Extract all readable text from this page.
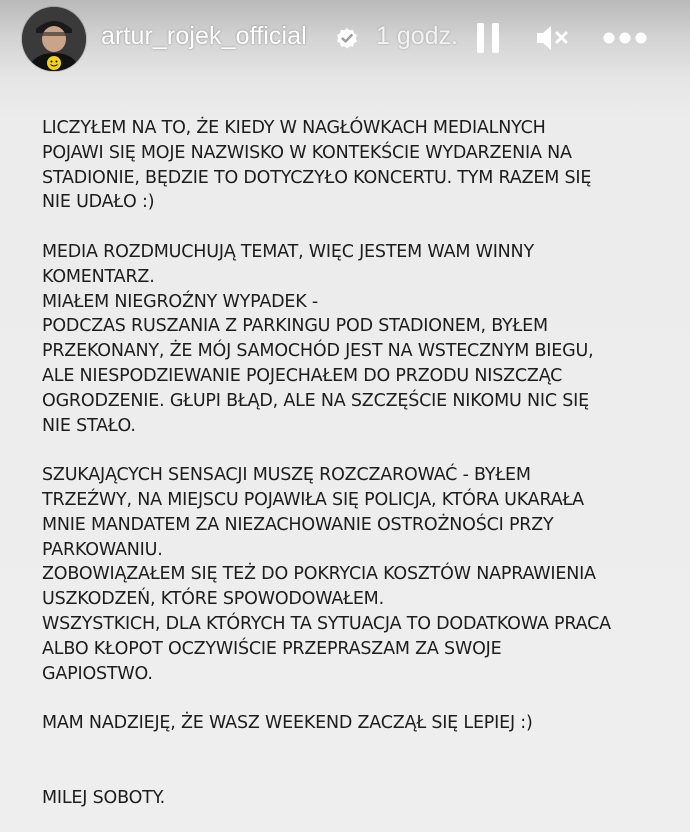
artur_rojek_official	1 godz.

LICZYŁEM NA TO, ŻE KIEDY W NAGŁÓWKACH MEDIALNYCH
POJAWI SIĘ MOJE NAZWISKO W KONTEKŚCIE WYDARZENIA NA
STADIONIE, BĘDZIE TO DOTYCZYŁO KONCERTU. TYM RAZEM SIĘ
NIE UDAŁO :)

MEDIA ROZDMUCHUJĄ TEMAT, WIĘC JESTEM WAM WINNY
KOMENTARZ.
MIAŁEM NIEGROŹNY WYPADEK -
PODCZAS RUSZANIA Z PARKINGU POD STADIONEM, BYŁEM
PRZEKONANY, ŻE MÓJ SAMOCHÓD JEST NA WSTECZNYM BIEGU,
ALE NIESPODZIEWANIE POJECHAŁEM DO PRZODU NISZCZĄC
OGRODZENIE. GŁUPI BŁĄD, ALE NA SZCZĘŚCIE NIKOMU NIC SIĘ
NIE STAŁO.

SZUKAJĄCYCH SENSACJI MUSZĘ ROZCZAROWAĆ - BYŁEM
TRZEŹWY, NA MIEJSCU POJAWIŁA SIĘ POLICJA, KTÓRA UKARAŁA
MNIE MANDATEM ZA NIEZACHOWANIE OSTROŻNOŚCI PRZY
PARKOWANIU.
ZOBOWIĄZAŁEM SIĘ TEŻ DO POKRYCIA KOSZTÓW NAPRAWIENIA
USZKODZEŃ, KTÓRE SPOWODOWAŁEM.
WSZYSTKICH, DLA KTÓRYCH TA SYTUACJA TO DODATKOWA PRACA
ALBO KŁOPOT OCZYWIŚCIE PRZEPRASZAM ZA SWOJE
GAPIOSTWO.

MAM NADZIEJĘ, ŻE WASZ WEEKEND ZACZĄŁ SIĘ LEPIEJ :)

MILEJ SOBOTY.
